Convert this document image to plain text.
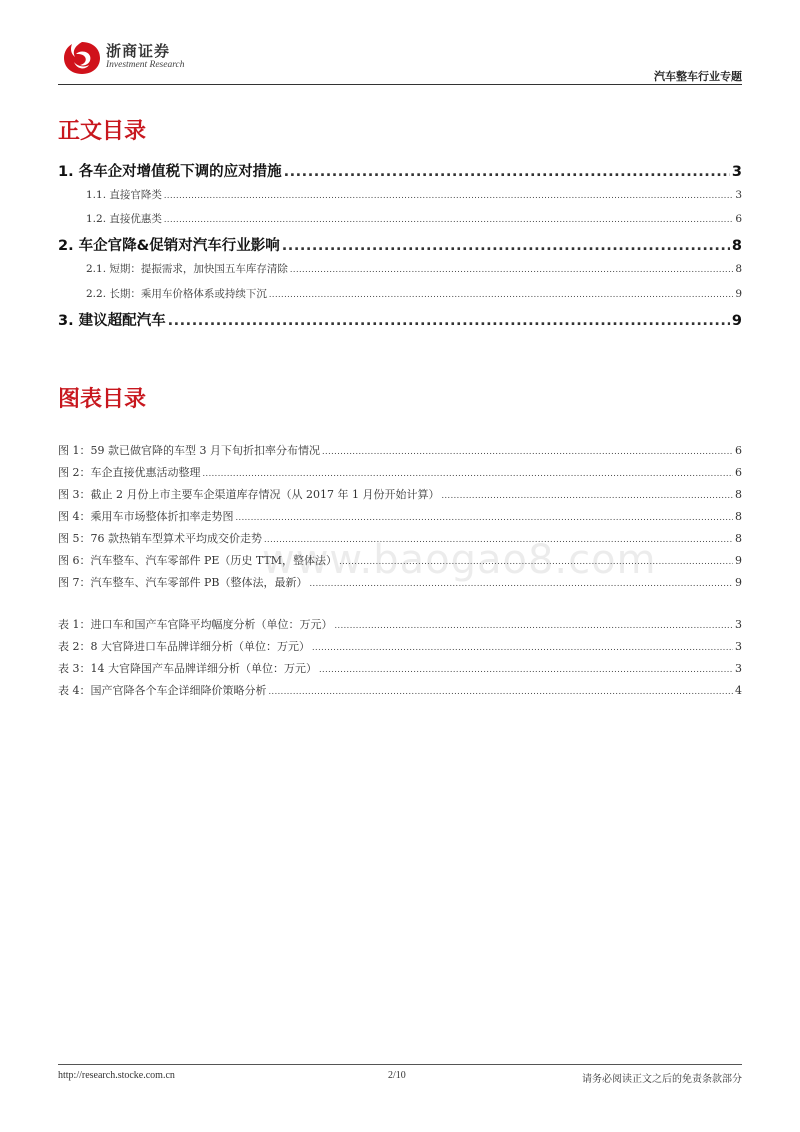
浙商证券
Investment Research
汽车整车行业专题
正文目录
1. 各车企对增值税下调的应对措施 .....	3
1.1. 直接官降类 .....	3
1.2. 直接优惠类 .....	6
2. 车企官降&促销对汽车行业影响 .....	8
2.1. 短期：提振需求，加快国五车库存清除 .....	8
2.2. 长期：乘用车价格体系或持续下沉 .....	9
3. 建议超配汽车 .....	9
图表目录
图 1：59 款已做官降的车型 3 月下旬折扣率分布情况 .....	6
图 2：车企直接优惠活动整理 .....	6
图 3：截止 2 月份上市主要车企渠道库存情况（从 2017 年 1 月份开始计算） .....	8
图 4：乘用车市场整体折扣率走势图 .....	8
图 5：76 款热销车型算术平均成交价走势 .....	8
图 6：汽车整车、汽车零部件 PE（历史 TTM，整体法） .....	9
图 7：汽车整车、汽车零部件 PB（整体法，最新） .....	9
表 1：进口车和国产车官降平均幅度分析（单位：万元） .....	3
表 2：8 大官降进口车品牌详细分析（单位：万元） .....	3
表 3：14 大官降国产车品牌详细分析（单位：万元） .....	3
表 4：国产官降各个车企详细降价策略分析 .....	4
www.baogao8.com
http://research.stocke.com.cn	2/10	请务必阅读正文之后的免责条款部分
